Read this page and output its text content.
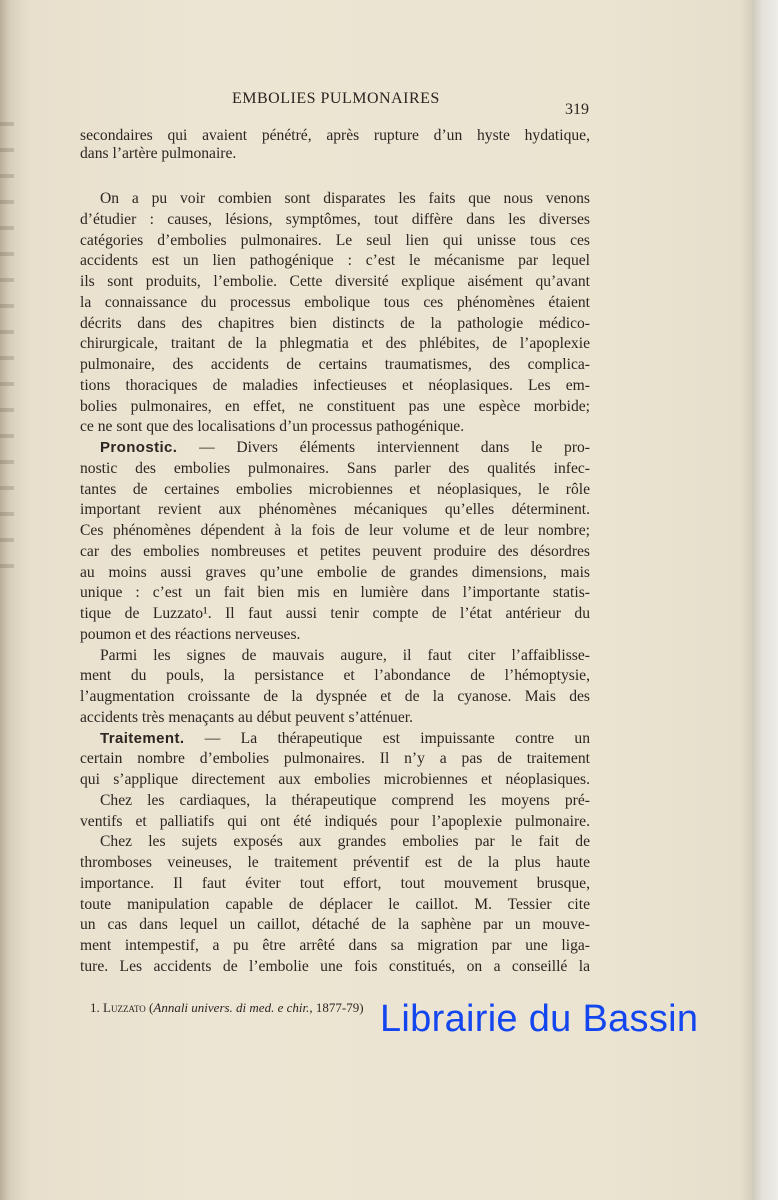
EMBOLIES PULMONAIRES
319
secondaires qui avaient pénétré, après rupture d’un hyste hydatique,
dans l’artère pulmonaire.
On a pu voir combien sont disparates les faits que nous venons
d’étudier : causes, lésions, symptômes, tout diffère dans les diverses
catégories d’embolies pulmonaires. Le seul lien qui unisse tous ces
accidents est un lien pathogénique : c’est le mécanisme par lequel
ils sont produits, l’embolie. Cette diversité explique aisément qu’avant
la connaissance du processus embolique tous ces phénomènes étaient
décrits dans des chapitres bien distincts de la pathologie médico-
chirurgicale, traitant de la phlegmatia et des phlébites, de l’apoplexie
pulmonaire, des accidents de certains traumatismes, des complica-
tions thoraciques de maladies infectieuses et néoplasiques. Les em-
bolies pulmonaires, en effet, ne constituent pas une espèce morbide;
ce ne sont que des localisations d’un processus pathogénique.
Pronostic. — Divers éléments interviennent dans le pro-
nostic des embolies pulmonaires. Sans parler des qualités infec-
tantes de certaines embolies microbiennes et néoplasiques, le rôle
important revient aux phénomènes mécaniques qu’elles déterminent.
Ces phénomènes dépendent à la fois de leur volume et de leur nombre;
car des embolies nombreuses et petites peuvent produire des désordres
au moins aussi graves qu’une embolie de grandes dimensions, mais
unique : c’est un fait bien mis en lumière dans l’importante statis-
tique de Luzzato¹. Il faut aussi tenir compte de l’état antérieur du
poumon et des réactions nerveuses.
Parmi les signes de mauvais augure, il faut citer l’affaiblisse-
ment du pouls, la persistance et l’abondance de l’hémoptysie,
l’augmentation croissante de la dyspnée et de la cyanose. Mais des
accidents très menaçants au début peuvent s’atténuer.
Traitement. — La thérapeutique est impuissante contre un
certain nombre d’embolies pulmonaires. Il n’y a pas de traitement
qui s’applique directement aux embolies microbiennes et néoplasiques.
Chez les cardiaques, la thérapeutique comprend les moyens pré-
ventifs et palliatifs qui ont été indiqués pour l’apoplexie pulmonaire.
Chez les sujets exposés aux grandes embolies par le fait de
thromboses veineuses, le traitement préventif est de la plus haute
importance. Il faut éviter tout effort, tout mouvement brusque,
toute manipulation capable de déplacer le caillot. M. Tessier cite
un cas dans lequel un caillot, détaché de la saphène par un mouve-
ment intempestif, a pu être arrêté dans sa migration par une liga-
ture. Les accidents de l’embolie une fois constitués, on a conseillé la
1. Luzzato (Annali univers. di med. e chir., 1877-79) Librairie du Bassin
